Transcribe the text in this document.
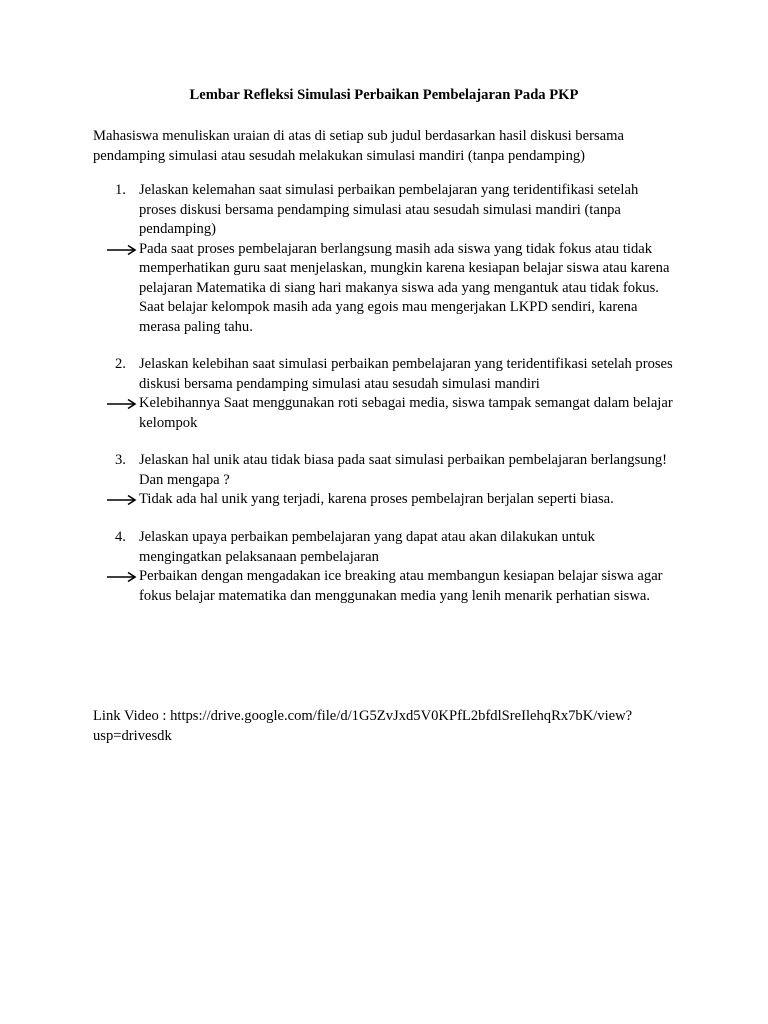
Lembar Refleksi Simulasi Perbaikan Pembelajaran Pada PKP
Mahasiswa menuliskan uraian di atas di setiap sub judul berdasarkan hasil diskusi bersama pendamping simulasi atau sesudah melakukan simulasi mandiri (tanpa pendamping)
1. Jelaskan kelemahan saat simulasi perbaikan pembelajaran yang teridentifikasi setelah proses diskusi bersama pendamping simulasi atau sesudah simulasi mandiri (tanpa pendamping)
Pada saat proses pembelajaran berlangsung masih ada siswa yang tidak fokus atau tidak memperhatikan guru saat menjelaskan, mungkin karena kesiapan belajar siswa atau karena pelajaran Matematika di siang hari makanya siswa ada yang mengantuk atau tidak fokus. Saat belajar kelompok masih ada yang egois mau mengerjakan LKPD sendiri, karena merasa paling tahu.
2. Jelaskan kelebihan saat simulasi perbaikan pembelajaran yang teridentifikasi setelah proses diskusi bersama pendamping simulasi atau sesudah simulasi mandiri
Kelebihannya Saat menggunakan roti sebagai media, siswa tampak semangat dalam belajar kelompok
3. Jelaskan hal unik atau tidak biasa pada saat simulasi perbaikan pembelajaran berlangsung! Dan mengapa ?
Tidak ada hal unik yang terjadi, karena proses pembelajran berjalan seperti biasa.
4. Jelaskan upaya perbaikan pembelajaran yang dapat atau akan dilakukan untuk mengingatkan pelaksanaan pembelajaran
Perbaikan dengan mengadakan ice breaking atau membangun kesiapan belajar siswa agar fokus belajar matematika dan menggunakan media yang lenih menarik perhatian siswa.
Link Video : https://drive.google.com/file/d/1G5ZvJxd5V0KPfL2bfdlSreIlehqRx7bK/view?usp=drivesdk
